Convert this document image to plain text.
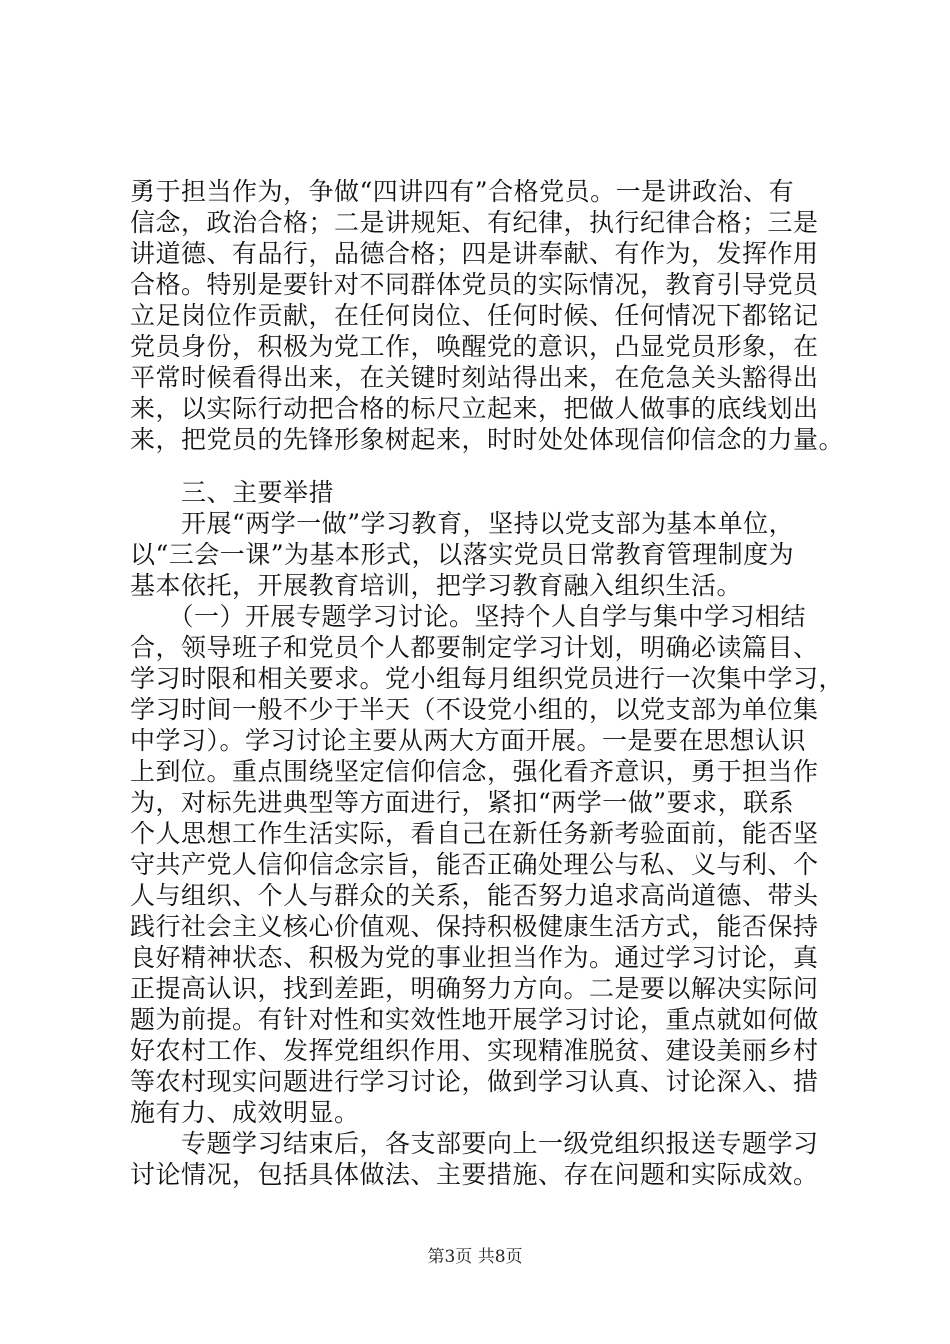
勇于担当作为，争做“四讲四有”合格党员。一是讲政治、有
信念，政治合格；二是讲规矩、有纪律，执行纪律合格；三是
讲道德、有品行，品德合格；四是讲奉献、有作为，发挥作用
合格。特别是要针对不同群体党员的实际情况，教育引导党员
立足岗位作贡献，在任何岗位、任何时候、任何情况下都铭记
党员身份，积极为党工作，唤醒党的意识，凸显党员形象，在
平常时候看得出来，在关键时刻站得出来，在危急关头豁得出
来，以实际行动把合格的标尺立起来，把做人做事的底线划出
来，把党员的先锋形象树起来，时时处处体现信仰信念的力量。
　　三、主要举措
　　开展“两学一做”学习教育，坚持以党支部为基本单位，
以“三会一课”为基本形式，以落实党员日常教育管理制度为
基本依托，开展教育培训，把学习教育融入组织生活。
　　（一）开展专题学习讨论。坚持个人自学与集中学习相结
合，领导班子和党员个人都要制定学习计划，明确必读篇目、
学习时限和相关要求。党小组每月组织党员进行一次集中学习，
学习时间一般不少于半天（不设党小组的，以党支部为单位集
中学习）。学习讨论主要从两大方面开展。一是要在思想认识
上到位。重点围绕坚定信仰信念，强化看齐意识，勇于担当作
为，对标先进典型等方面进行，紧扣“两学一做”要求，联系
个人思想工作生活实际，看自己在新任务新考验面前，能否坚
守共产党人信仰信念宗旨，能否正确处理公与私、义与利、个
人与组织、个人与群众的关系，能否努力追求高尚道德、带头
践行社会主义核心价值观、保持积极健康生活方式，能否保持
良好精神状态、积极为党的事业担当作为。通过学习讨论，真
正提高认识，找到差距，明确努力方向。二是要以解决实际问
题为前提。有针对性和实效性地开展学习讨论，重点就如何做
好农村工作、发挥党组织作用、实现精准脱贫、建设美丽乡村
等农村现实问题进行学习讨论，做到学习认真、讨论深入、措
施有力、成效明显。
　　专题学习结束后，各支部要向上一级党组织报送专题学习
讨论情况，包括具体做法、主要措施、存在问题和实际成效。
第3页 共8页
